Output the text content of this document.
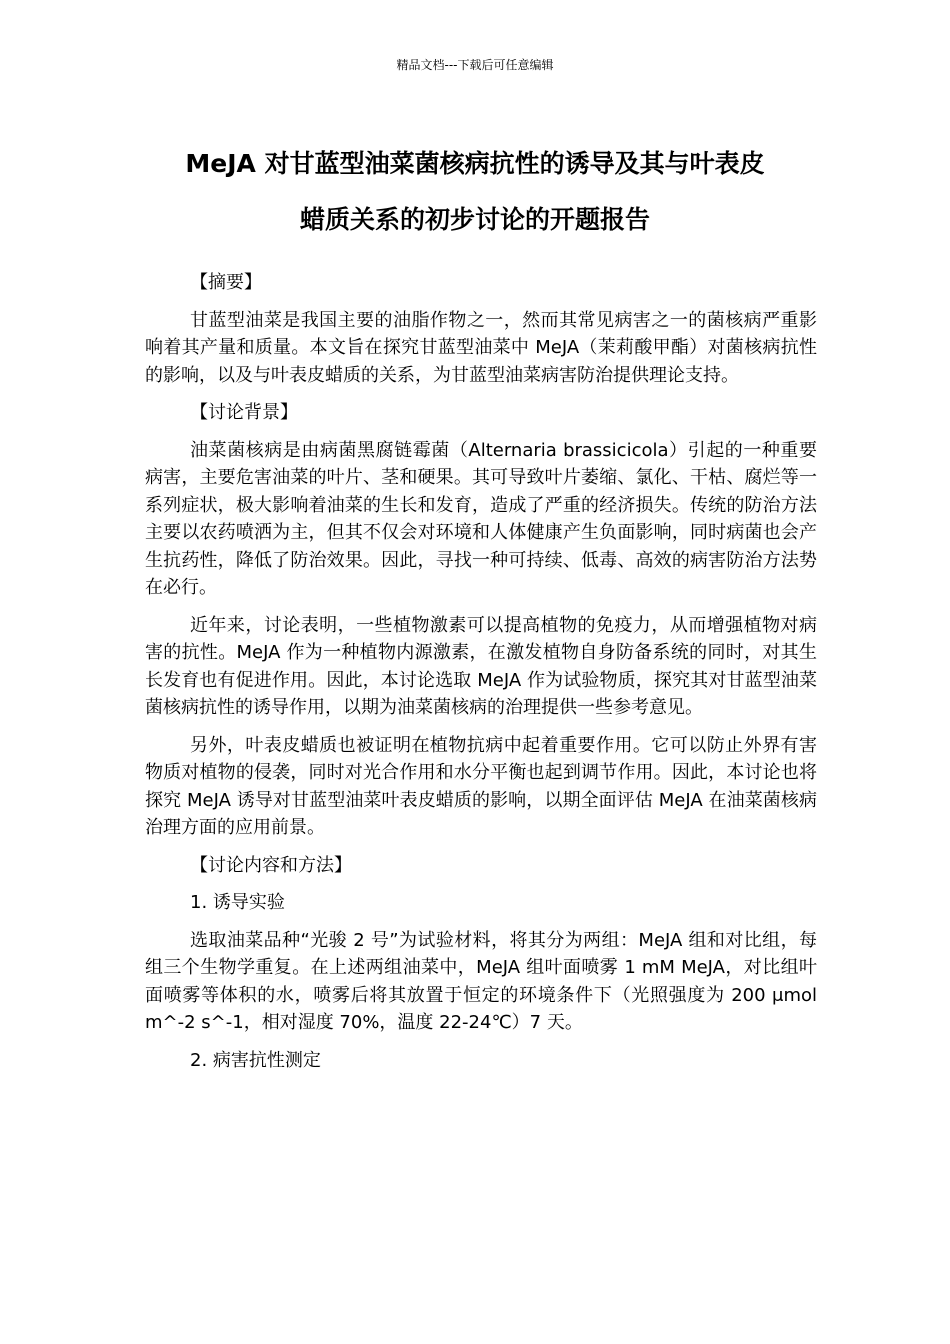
精品文档---下载后可任意编辑
MeJA 对甘蓝型油菜菌核病抗性的诱导及其与叶表皮
蜡质关系的初步讨论的开题报告

【摘要】

甘蓝型油菜是我国主要的油脂作物之一，然而其常见病害之一的菌核病严重影响着其产量和质量。本文旨在探究甘蓝型油菜中 MeJA（茉莉酸甲酯）对菌核病抗性的影响，以及与叶表皮蜡质的关系，为甘蓝型油菜病害防治提供理论支持。

【讨论背景】

油菜菌核病是由病菌黑腐链霉菌（Alternaria brassicicola）引起的一种重要病害，主要危害油菜的叶片、茎和硬果。其可导致叶片萎缩、氯化、干枯、腐烂等一系列症状，极大影响着油菜的生长和发育，造成了严重的经济损失。传统的防治方法主要以农药喷洒为主，但其不仅会对环境和人体健康产生负面影响，同时病菌也会产生抗药性，降低了防治效果。因此，寻找一种可持续、低毒、高效的病害防治方法势在必行。

近年来，讨论表明，一些植物激素可以提高植物的免疫力，从而增强植物对病害的抗性。MeJA 作为一种植物内源激素，在激发植物自身防备系统的同时，对其生长发育也有促进作用。因此，本讨论选取 MeJA 作为试验物质，探究其对甘蓝型油菜菌核病抗性的诱导作用，以期为油菜菌核病的治理提供一些参考意见。

另外，叶表皮蜡质也被证明在植物抗病中起着重要作用。它可以防止外界有害物质对植物的侵袭，同时对光合作用和水分平衡也起到调节作用。因此，本讨论也将探究 MeJA 诱导对甘蓝型油菜叶表皮蜡质的影响，以期全面评估 MeJA 在油菜菌核病治理方面的应用前景。

【讨论内容和方法】

1. 诱导实验

选取油菜品种“光骏 2 号”为试验材料，将其分为两组：MeJA 组和对比组，每组三个生物学重复。在上述两组油菜中，MeJA 组叶面喷雾 1 mM MeJA，对比组叶面喷雾等体积的水，喷雾后将其放置于恒定的环境条件下（光照强度为 200 μmol m^-2 s^-1，相对湿度 70%，温度 22-24℃）7 天。

2. 病害抗性测定
